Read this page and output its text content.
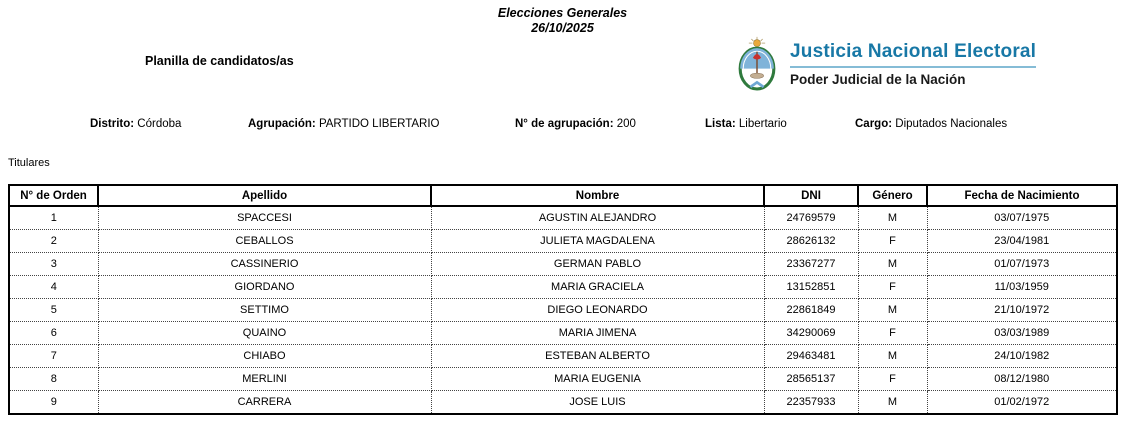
Elecciones Generales
26/10/2025
Planilla de candidatos/as	Justicia Nacional Electoral
Poder Judicial de la Nación
Distrito: Córdoba	Agrupación: PARTIDO LIBERTARIO	N° de agrupación: 200	Lista: Libertario	Cargo: Diputados Nacionales
Titulares
N° de Orden	Apellido	Nombre	DNI	Género	Fecha de Nacimiento
1	SPACCESI	AGUSTIN ALEJANDRO	24769579	M	03/07/1975
2	CEBALLOS	JULIETA MAGDALENA	28626132	F	23/04/1981
3	CASSINERIO	GERMAN PABLO	23367277	M	01/07/1973
4	GIORDANO	MARIA GRACIELA	13152851	F	11/03/1959
5	SETTIMO	DIEGO LEONARDO	22861849	M	21/10/1972
6	QUAINO	MARIA JIMENA	34290069	F	03/03/1989
7	CHIABO	ESTEBAN ALBERTO	29463481	M	24/10/1982
8	MERLINI	MARIA EUGENIA	28565137	F	08/12/1980
9	CARRERA	JOSE LUIS	22357933	M	01/02/1972
